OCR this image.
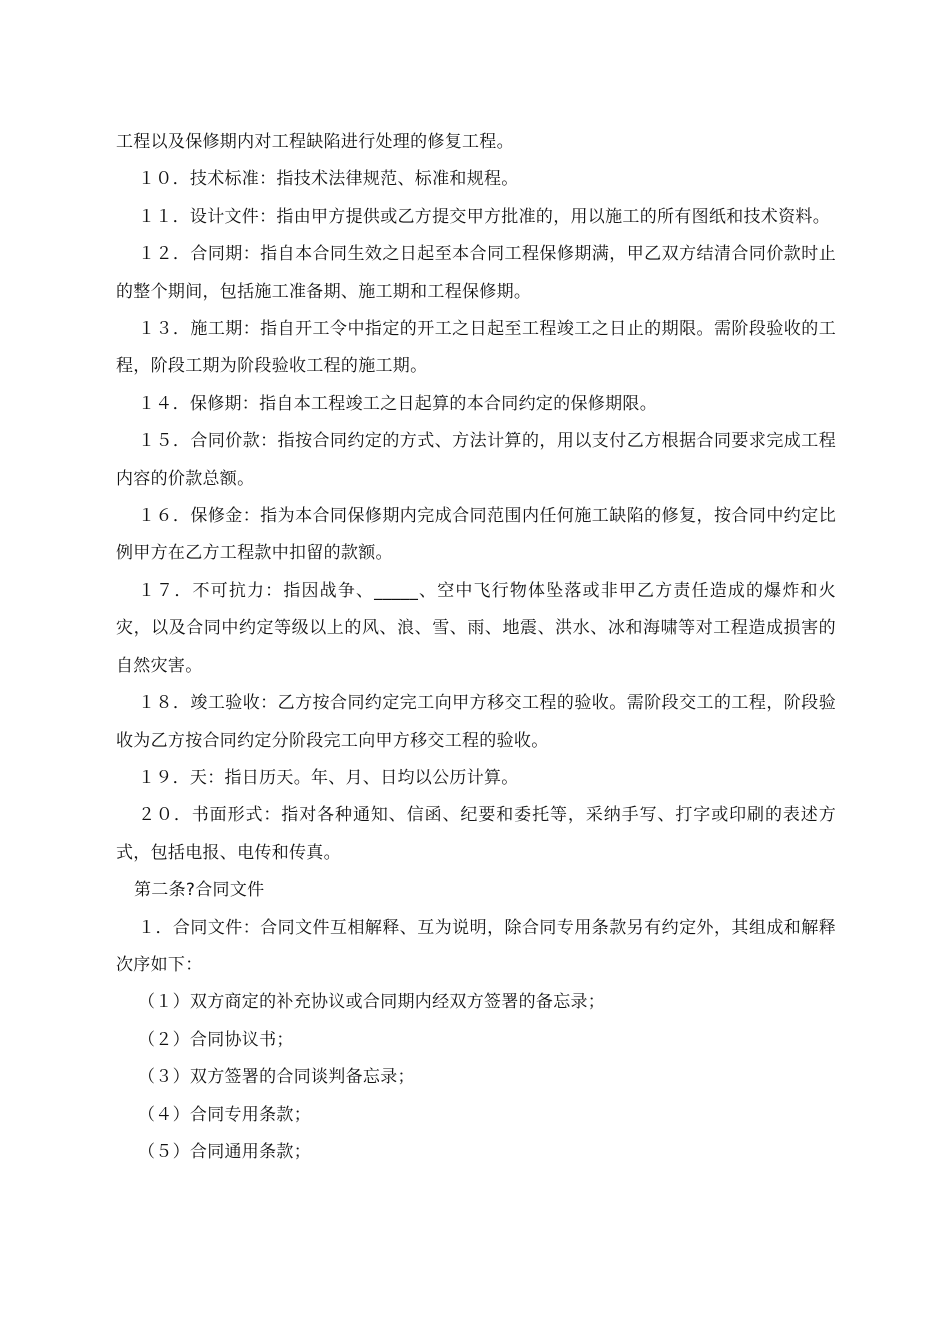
工程以及保修期内对工程缺陷进行处理的修复工程。

１０．技术标准：指技术法律规范、标准和规程。

１１．设计文件：指由甲方提供或乙方提交甲方批准的，用以施工的所有图纸和技术资料。

１２．合同期：指自本合同生效之日起至本合同工程保修期满，甲乙双方结清合同价款时止的整个期间，包括施工准备期、施工期和工程保修期。

１３．施工期：指自开工令中指定的开工之日起至工程竣工之日止的期限。需阶段验收的工程，阶段工期为阶段验收工程的施工期。

１４．保修期：指自本工程竣工之日起算的本合同约定的保修期限。

１５．合同价款：指按合同约定的方式、方法计算的，用以支付乙方根据合同要求完成工程内容的价款总额。

１６．保修金：指为本合同保修期内完成合同范围内任何施工缺陷的修复，按合同中约定比例甲方在乙方工程款中扣留的款额。

１７．不可抗力：指因战争、_____、空中飞行物体坠落或非甲乙方责任造成的爆炸和火灾，以及合同中约定等级以上的风、浪、雪、雨、地震、洪水、冰和海啸等对工程造成损害的自然灾害。

１８．竣工验收：乙方按合同约定完工向甲方移交工程的验收。需阶段交工的工程，阶段验收为乙方按合同约定分阶段完工向甲方移交工程的验收。

１９．天：指日历天。年、月、日均以公历计算。

２０．书面形式：指对各种通知、信函、纪要和委托等，采纳手写、打字或印刷的表述方式，包括电报、电传和传真。

第二条?合同文件

１．合同文件：合同文件互相解释、互为说明，除合同专用条款另有约定外，其组成和解释次序如下：

（１）双方商定的补充协议或合同期内经双方签署的备忘录；

（２）合同协议书；

（３）双方签署的合同谈判备忘录；

（４）合同专用条款；

（５）合同通用条款；
